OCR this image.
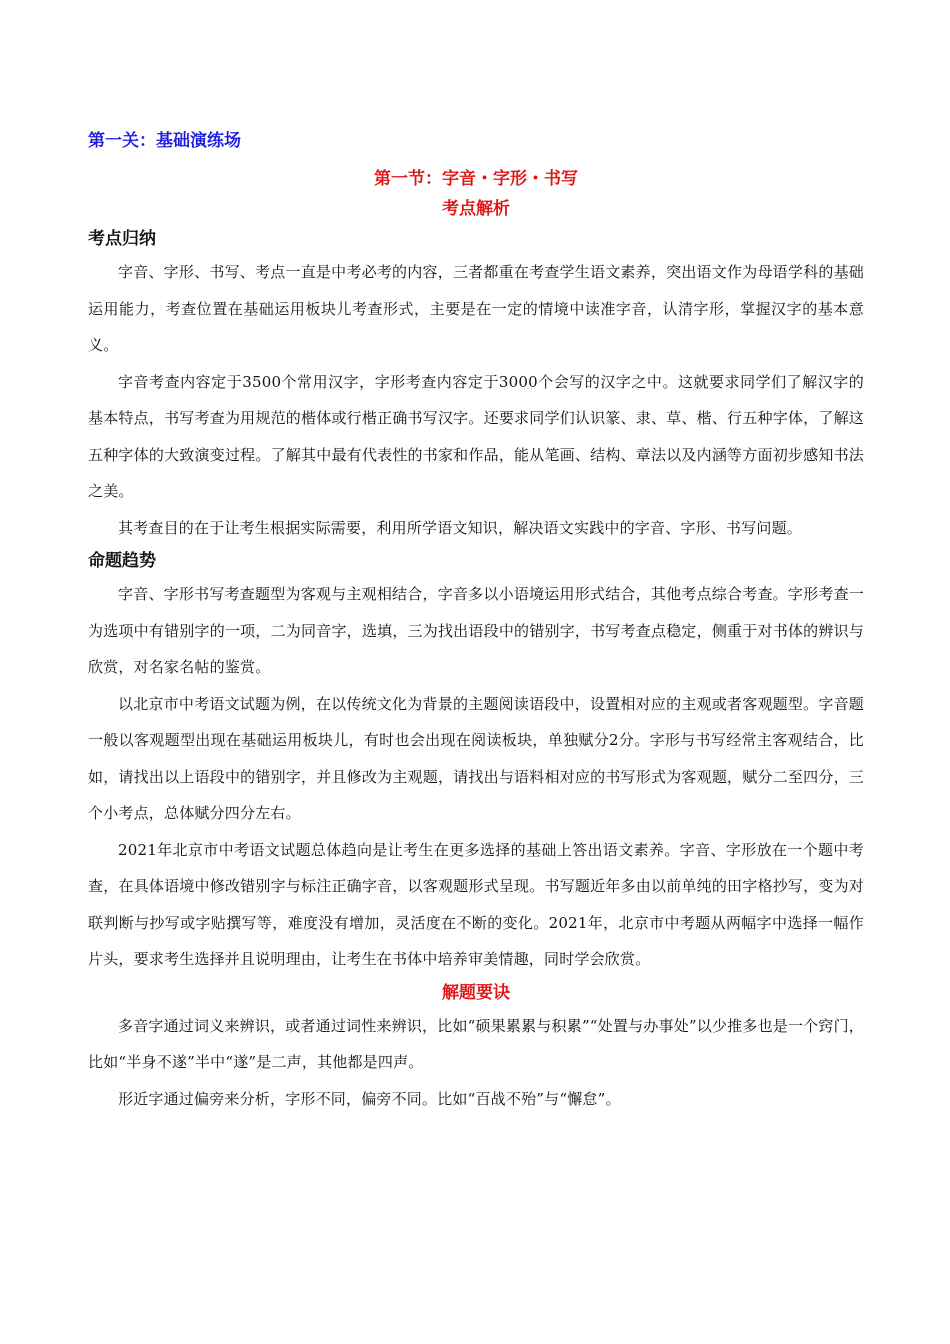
第一关：基础演练场
第一节：字音・字形・书写
考点解析
考点归纳

字音、字形、书写、考点一直是中考必考的内容，三者都重在考查学生语文素养，突出语文作为母语学科的基础运用能力，考查位置在基础运用板块儿考查形式，主要是在一定的情境中读准字音，认清字形，掌握汉字的基本意义。

字音考查内容定于3500个常用汉字，字形考查内容定于3000个会写的汉字之中。这就要求同学们了解汉字的基本特点，书写考查为用规范的楷体或行楷正确书写汉字。还要求同学们认识篆、隶、草、楷、行五种字体，了解这五种字体的大致演变过程。了解其中最有代表性的书家和作品，能从笔画、结构、章法以及内涵等方面初步感知书法之美。

其考查目的在于让考生根据实际需要，利用所学语文知识，解决语文实践中的字音、字形、书写问题。

命题趋势

字音、字形书写考查题型为客观与主观相结合，字音多以小语境运用形式结合，其他考点综合考查。字形考查一为选项中有错别字的一项，二为同音字，选填，三为找出语段中的错别字，书写考查点稳定，侧重于对书体的辨识与欣赏，对名家名帖的鉴赏。

以北京市中考语文试题为例，在以传统文化为背景的主题阅读语段中，设置相对应的主观或者客观题型。字音题一般以客观题型出现在基础运用板块儿，有时也会出现在阅读板块，单独赋分2分。字形与书写经常主客观结合，比如，请找出以上语段中的错别字，并且修改为主观题，请找出与语料相对应的书写形式为客观题，赋分二至四分，三个小考点，总体赋分四分左右。

2021年北京市中考语文试题总体趋向是让考生在更多选择的基础上答出语文素养。字音、字形放在一个题中考查，在具体语境中修改错别字与标注正确字音，以客观题形式呈现。书写题近年多由以前单纯的田字格抄写，变为对联判断与抄写或字贴撰写等，难度没有增加，灵活度在不断的变化。2021年，北京市中考题从两幅字中选择一幅作片头，要求考生选择并且说明理由，让考生在书体中培养审美情趣，同时学会欣赏。

解题要诀

多音字通过词义来辨识，或者通过词性来辨识，比如“硕果累累与积累”“处置与办事处”以少推多也是一个窍门，比如“半身不遂”半中“遂”是二声，其他都是四声。

形近字通过偏旁来分析，字形不同，偏旁不同。比如“百战不殆”与“懈怠”。
